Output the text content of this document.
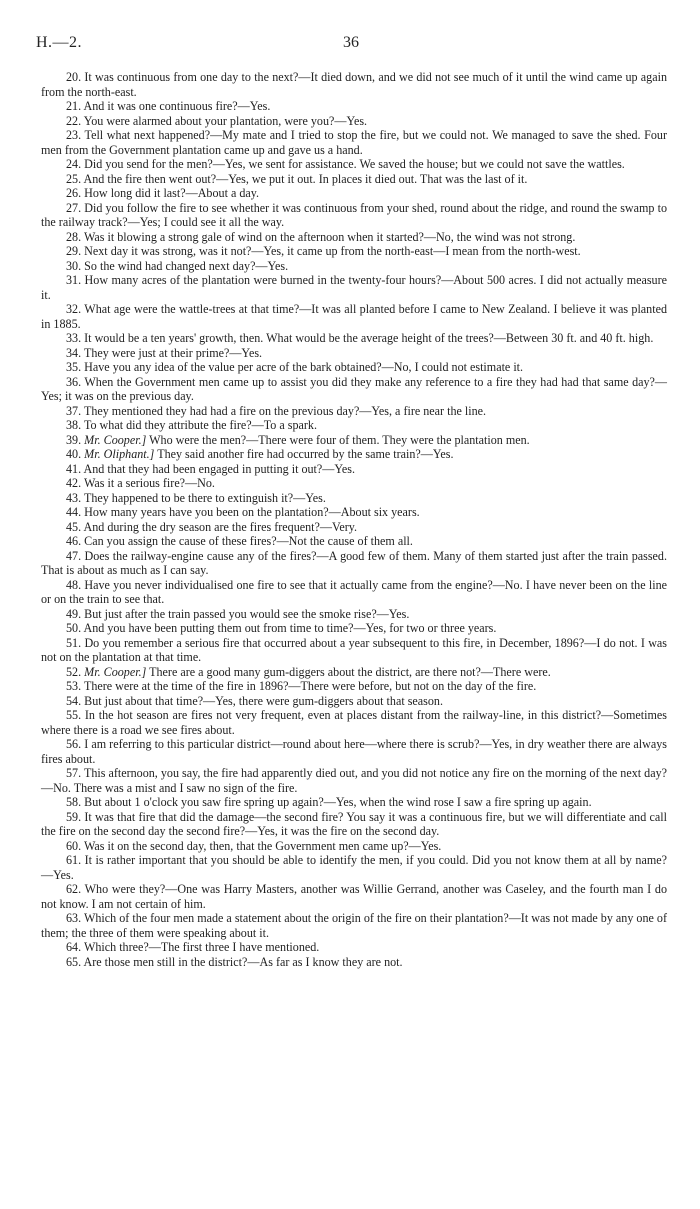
H.—2.	36

20. It was continuous from one day to the next?—It died down, and we did not see much of it until the wind came up again from the north-east.

21. And it was one continuous fire?—Yes.

22. You were alarmed about your plantation, were you?—Yes.

23. Tell what next happened?—My mate and I tried to stop the fire, but we could not. We managed to save the shed. Four men from the Government plantation came up and gave us a hand.

24. Did you send for the men?—Yes, we sent for assistance. We saved the house; but we could not save the wattles.

25. And the fire then went out?—Yes, we put it out. In places it died out. That was the last of it.

26. How long did it last?—About a day.

27. Did you follow the fire to see whether it was continuous from your shed, round about the ridge, and round the swamp to the railway track?—Yes; I could see it all the way.

28. Was it blowing a strong gale of wind on the afternoon when it started?—No, the wind was not strong.

29. Next day it was strong, was it not?—Yes, it came up from the north-east—I mean from the north-west.

30. So the wind had changed next day?—Yes.

31. How many acres of the plantation were burned in the twenty-four hours?—About 500 acres. I did not actually measure it.

32. What age were the wattle-trees at that time?—It was all planted before I came to New Zealand. I believe it was planted in 1885.

33. It would be a ten years' growth, then. What would be the average height of the trees?—Between 30 ft. and 40 ft. high.

34. They were just at their prime?—Yes.

35. Have you any idea of the value per acre of the bark obtained?—No, I could not estimate it.

36. When the Government men came up to assist you did they make any reference to a fire they had had that same day?—Yes; it was on the previous day.

37. They mentioned they had had a fire on the previous day?—Yes, a fire near the line.

38. To what did they attribute the fire?—To a spark.

39. Mr. Cooper.] Who were the men?—There were four of them. They were the plantation men.

40. Mr. Oliphant.] They said another fire had occurred by the same train?—Yes.

41. And that they had been engaged in putting it out?—Yes.

42. Was it a serious fire?—No.

43. They happened to be there to extinguish it?—Yes.

44. How many years have you been on the plantation?—About six years.

45. And during the dry season are the fires frequent?—Very.

46. Can you assign the cause of these fires?—Not the cause of them all.

47. Does the railway-engine cause any of the fires?—A good few of them. Many of them started just after the train passed. That is about as much as I can say.

48. Have you never individualised one fire to see that it actually came from the engine?—No. I have never been on the line or on the train to see that.

49. But just after the train passed you would see the smoke rise?—Yes.

50. And you have been putting them out from time to time?—Yes, for two or three years.

51. Do you remember a serious fire that occurred about a year subsequent to this fire, in December, 1896?—I do not. I was not on the plantation at that time.

52. Mr. Cooper.] There are a good many gum-diggers about the district, are there not?—There were.

53. There were at the time of the fire in 1896?—There were before, but not on the day of the fire.

54. But just about that time?—Yes, there were gum-diggers about that season.

55. In the hot season are fires not very frequent, even at places distant from the railway-line, in this district?—Sometimes where there is a road we see fires about.

56. I am referring to this particular district—round about here—where there is scrub?—Yes, in dry weather there are always fires about.

57. This afternoon, you say, the fire had apparently died out, and you did not notice any fire on the morning of the next day?—No. There was a mist and I saw no sign of the fire.

58. But about 1 o'clock you saw fire spring up again?—Yes, when the wind rose I saw a fire spring up again.

59. It was that fire that did the damage—the second fire? You say it was a continuous fire, but we will differentiate and call the fire on the second day the second fire?—Yes, it was the fire on the second day.

60. Was it on the second day, then, that the Government men came up?—Yes.

61. It is rather important that you should be able to identify the men, if you could. Did you not know them at all by name?—Yes.

62. Who were they?—One was Harry Masters, another was Willie Gerrand, another was Caseley, and the fourth man I do not know. I am not certain of him.

63. Which of the four men made a statement about the origin of the fire on their plantation?—It was not made by any one of them; the three of them were speaking about it.

64. Which three?—The first three I have mentioned.

65. Are those men still in the district?—As far as I know they are not.
